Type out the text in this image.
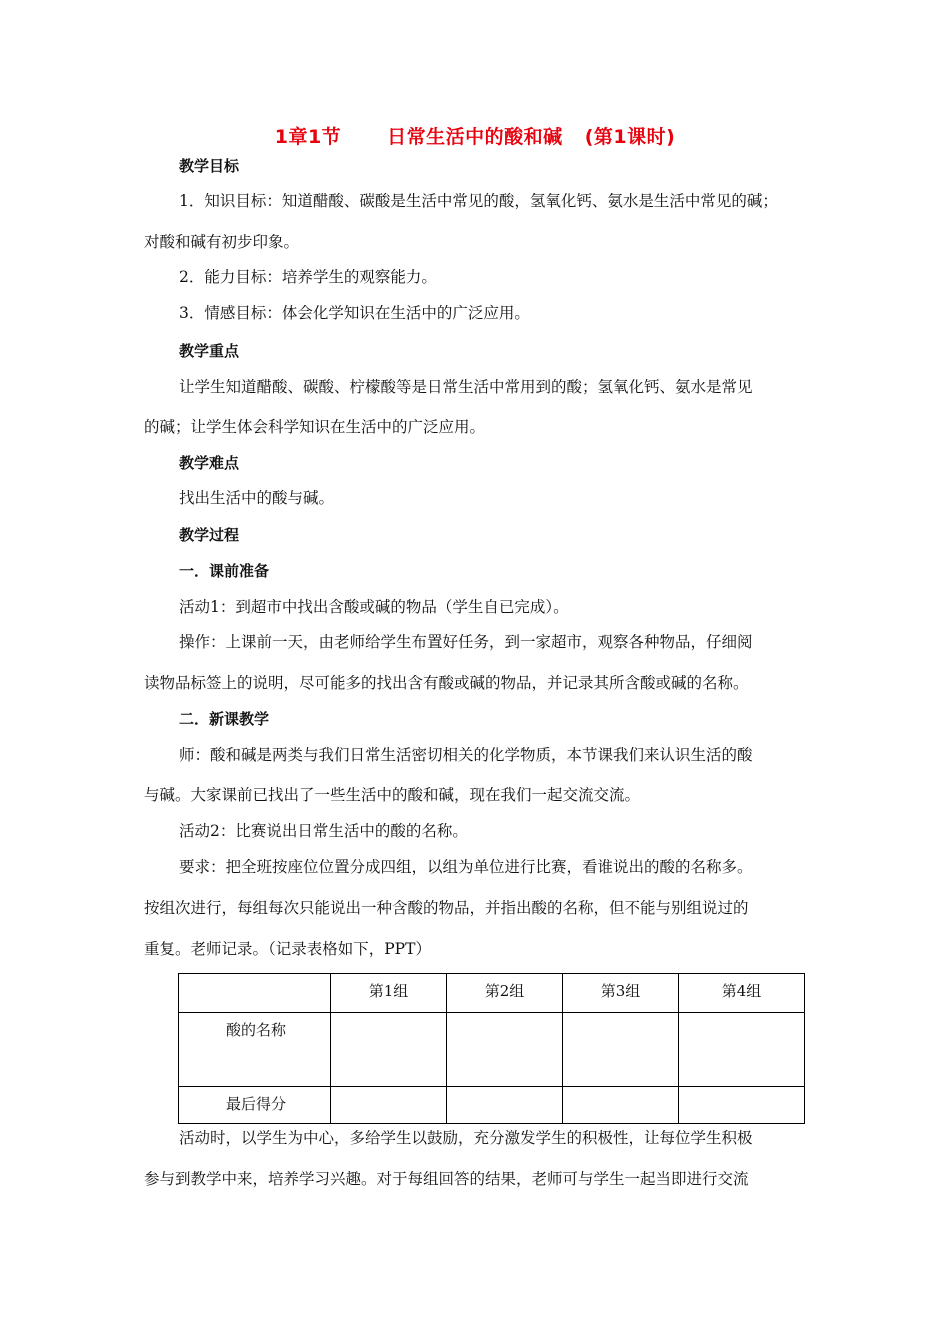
1章1节 日常生活中的酸和碱 (第1课时)
教学目标
1．知识目标：知道醋酸、碳酸是生活中常见的酸，氢氧化钙、氨水是生活中常见的碱；
对酸和碱有初步印象。
2．能力目标：培养学生的观察能力。
3．情感目标：体会化学知识在生活中的广泛应用。
教学重点
让学生知道醋酸、碳酸、柠檬酸等是日常生活中常用到的酸；氢氧化钙、氨水是常见
的碱；让学生体会科学知识在生活中的广泛应用。
教学难点
找出生活中的酸与碱。
教学过程
一．课前准备
活动1：到超市中找出含酸或碱的物品（学生自已完成）。
操作：上课前一天，由老师给学生布置好任务，到一家超市，观察各种物品，仔细阅
读物品标签上的说明，尽可能多的找出含有酸或碱的物品，并记录其所含酸或碱的名称。
二．新课教学
师：酸和碱是两类与我们日常生活密切相关的化学物质，本节课我们来认识生活的酸
与碱。大家课前已找出了一些生活中的酸和碱，现在我们一起交流交流。
活动2：比赛说出日常生活中的酸的名称。
要求：把全班按座位位置分成四组，以组为单位进行比赛，看谁说出的酸的名称多。
按组次进行，每组每次只能说出一种含酸的物品，并指出酸的名称，但不能与别组说过的
重复。老师记录。（记录表格如下，PPT）
	第1组	第2组	第3组	第4组
酸的名称				
最后得分				
活动时，以学生为中心，多给学生以鼓励，充分激发学生的积极性，让每位学生积极
参与到教学中来，培养学习兴趣。对于每组回答的结果，老师可与学生一起当即进行交流
